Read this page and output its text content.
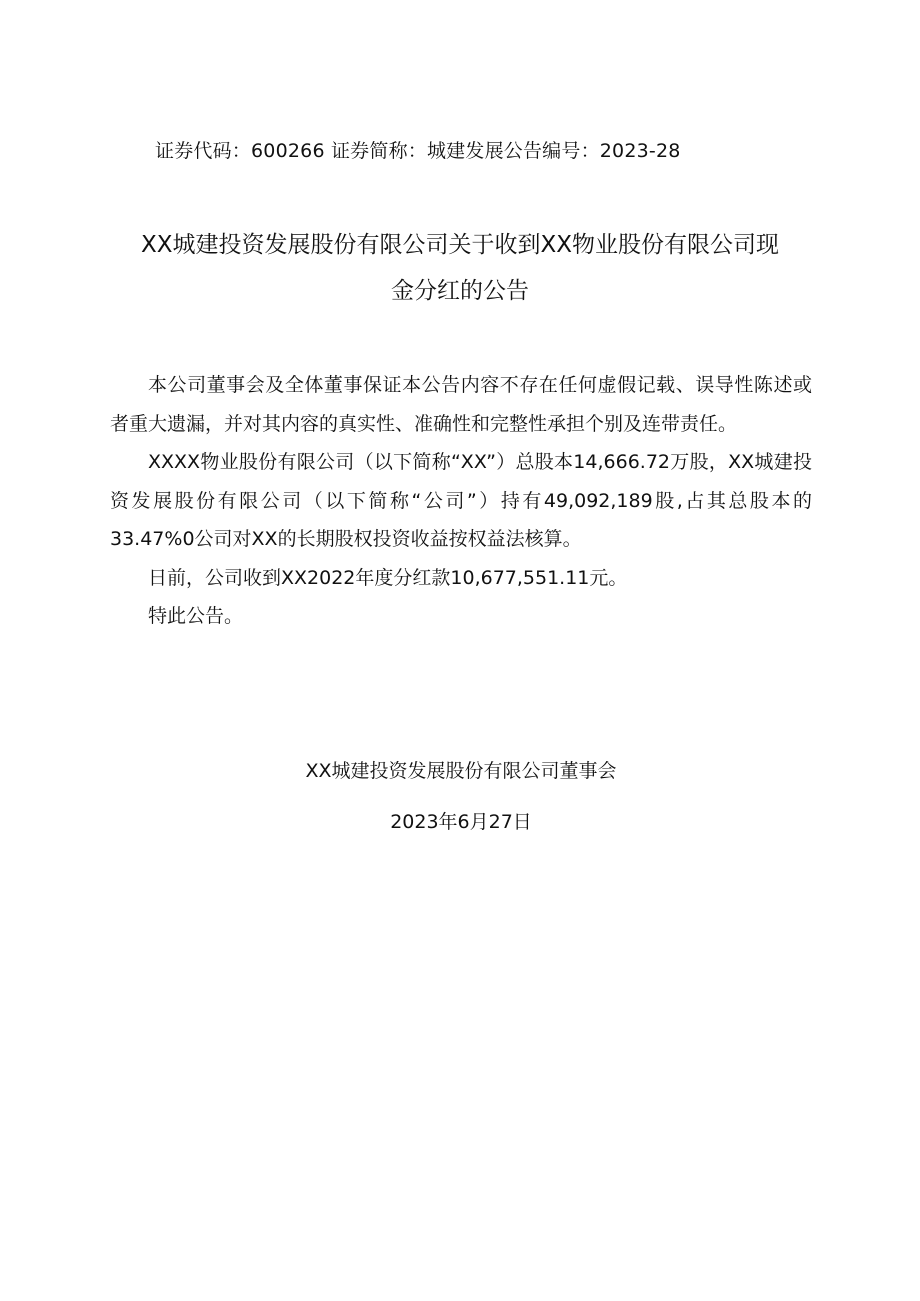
证券代码：600266 证券简称：城建发展公告编号：2023-28
XX城建投资发展股份有限公司关于收到XX物业股份有限公司现
金分红的公告

本公司董事会及全体董事保证本公告内容不存在任何虚假记载、误导性陈述或者重大遗漏，并对其内容的真实性、准确性和完整性承担个别及连带责任。

XXXX物业股份有限公司（以下简称“XX”）总股本14,666.72万股，XX城建投资发展股份有限公司（以下简称“公司”）持有49,092,189股,占其总股本的33.47%0公司对XX的长期股权投资收益按权益法核算。

日前，公司收到XX2022年度分红款10,677,551.11元。

特此公告。

XX城建投资发展股份有限公司董事会
2023年6月27日
